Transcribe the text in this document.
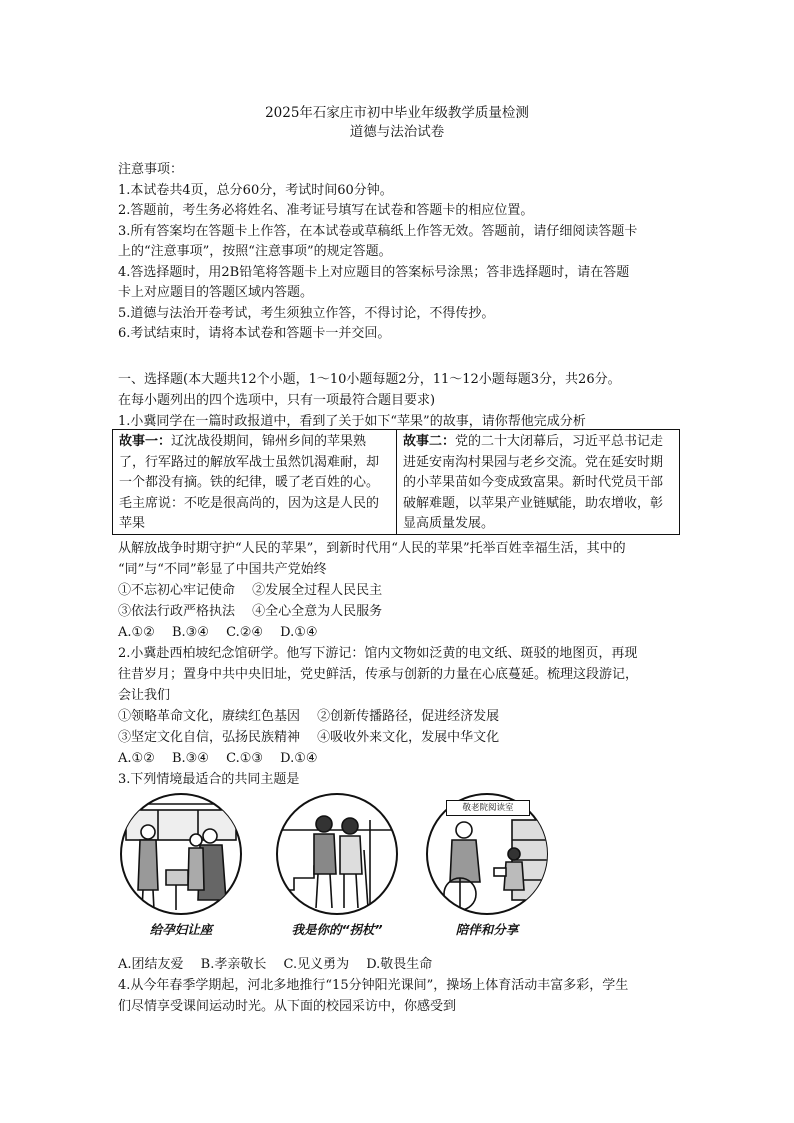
2025年石家庄市初中毕业年级教学质量检测
道德与法治试卷
注意事项：
1.本试卷共4页，总分60分，考试时间60分钟。
2.答题前，考生务必将姓名、准考证号填写在试卷和答题卡的相应位置。
3.所有答案均在答题卡上作答，在本试卷或草稿纸上作答无效。答题前，请仔细阅读答题卡
上的“注意事项”，按照“注意事项”的规定答题。
4.答选择题时，用2B铅笔将答题卡上对应题目的答案标号涂黑；答非选择题时，请在答题
卡上对应题目的答题区域内答题。
5.道德与法治开卷考试，考生须独立作答，不得讨论，不得传抄。
6.考试结束时，请将本试卷和答题卡一并交回。
一、选择题(本大题共12个小题，1～10小题每题2分，11～12小题每题3分，共26分。
在每小题列出的四个选项中，只有一项最符合题目要求)
1.小冀同学在一篇时政报道中，看到了关于如下“苹果”的故事，请你帮他完成分析
故事一：辽沈战役期间，锦州乡间的苹果熟了，行军路过的解放军战士虽然饥渴难耐，却一个都没有摘。铁的纪律，暖了老百姓的心。毛主席说：不吃是很高尚的，因为这是人民的苹果
故事二：党的二十大闭幕后，习近平总书记走进延安南沟村果园与老乡交流。党在延安时期的小苹果苗如今变成致富果。新时代党员干部破解难题，以苹果产业链赋能，助农增收，彰显高质量发展。
从解放战争时期守护“人民的苹果”，到新时代用“人民的苹果”托举百姓幸福生活，其中的
“同”与“不同”彰显了中国共产党始终
①不忘初心牢记使命　 ②发展全过程人民民主
③依法行政严格执法　 ④全心全意为人民服务
A.①②　 B.③④　 C.②④　 D.①④
2.小冀赴西柏坡纪念馆研学。他写下游记：馆内文物如泛黄的电文纸、斑驳的地图页，再现
往昔岁月；置身中共中央旧址，党史鲜活，传承与创新的力量在心底蔓延。梳理这段游记，
会让我们
①领略革命文化，赓续红色基因　 ②创新传播路径，促进经济发展
③坚定文化自信，弘扬民族精神　 ④吸收外来文化，发展中华文化
A.①②　 B.③④　 C.①③　 D.①④
3.下列情境最适合的共同主题是
给孕妇让座	我是你的“拐杖”	陪伴和分享
敬老院阅读室
A.团结友爱　 B.孝亲敬长　 C.见义勇为　 D.敬畏生命
4.从今年春季学期起，河北多地推行“15分钟阳光课间”，操场上体育活动丰富多彩，学生
们尽情享受课间运动时光。从下面的校园采访中，你感受到
